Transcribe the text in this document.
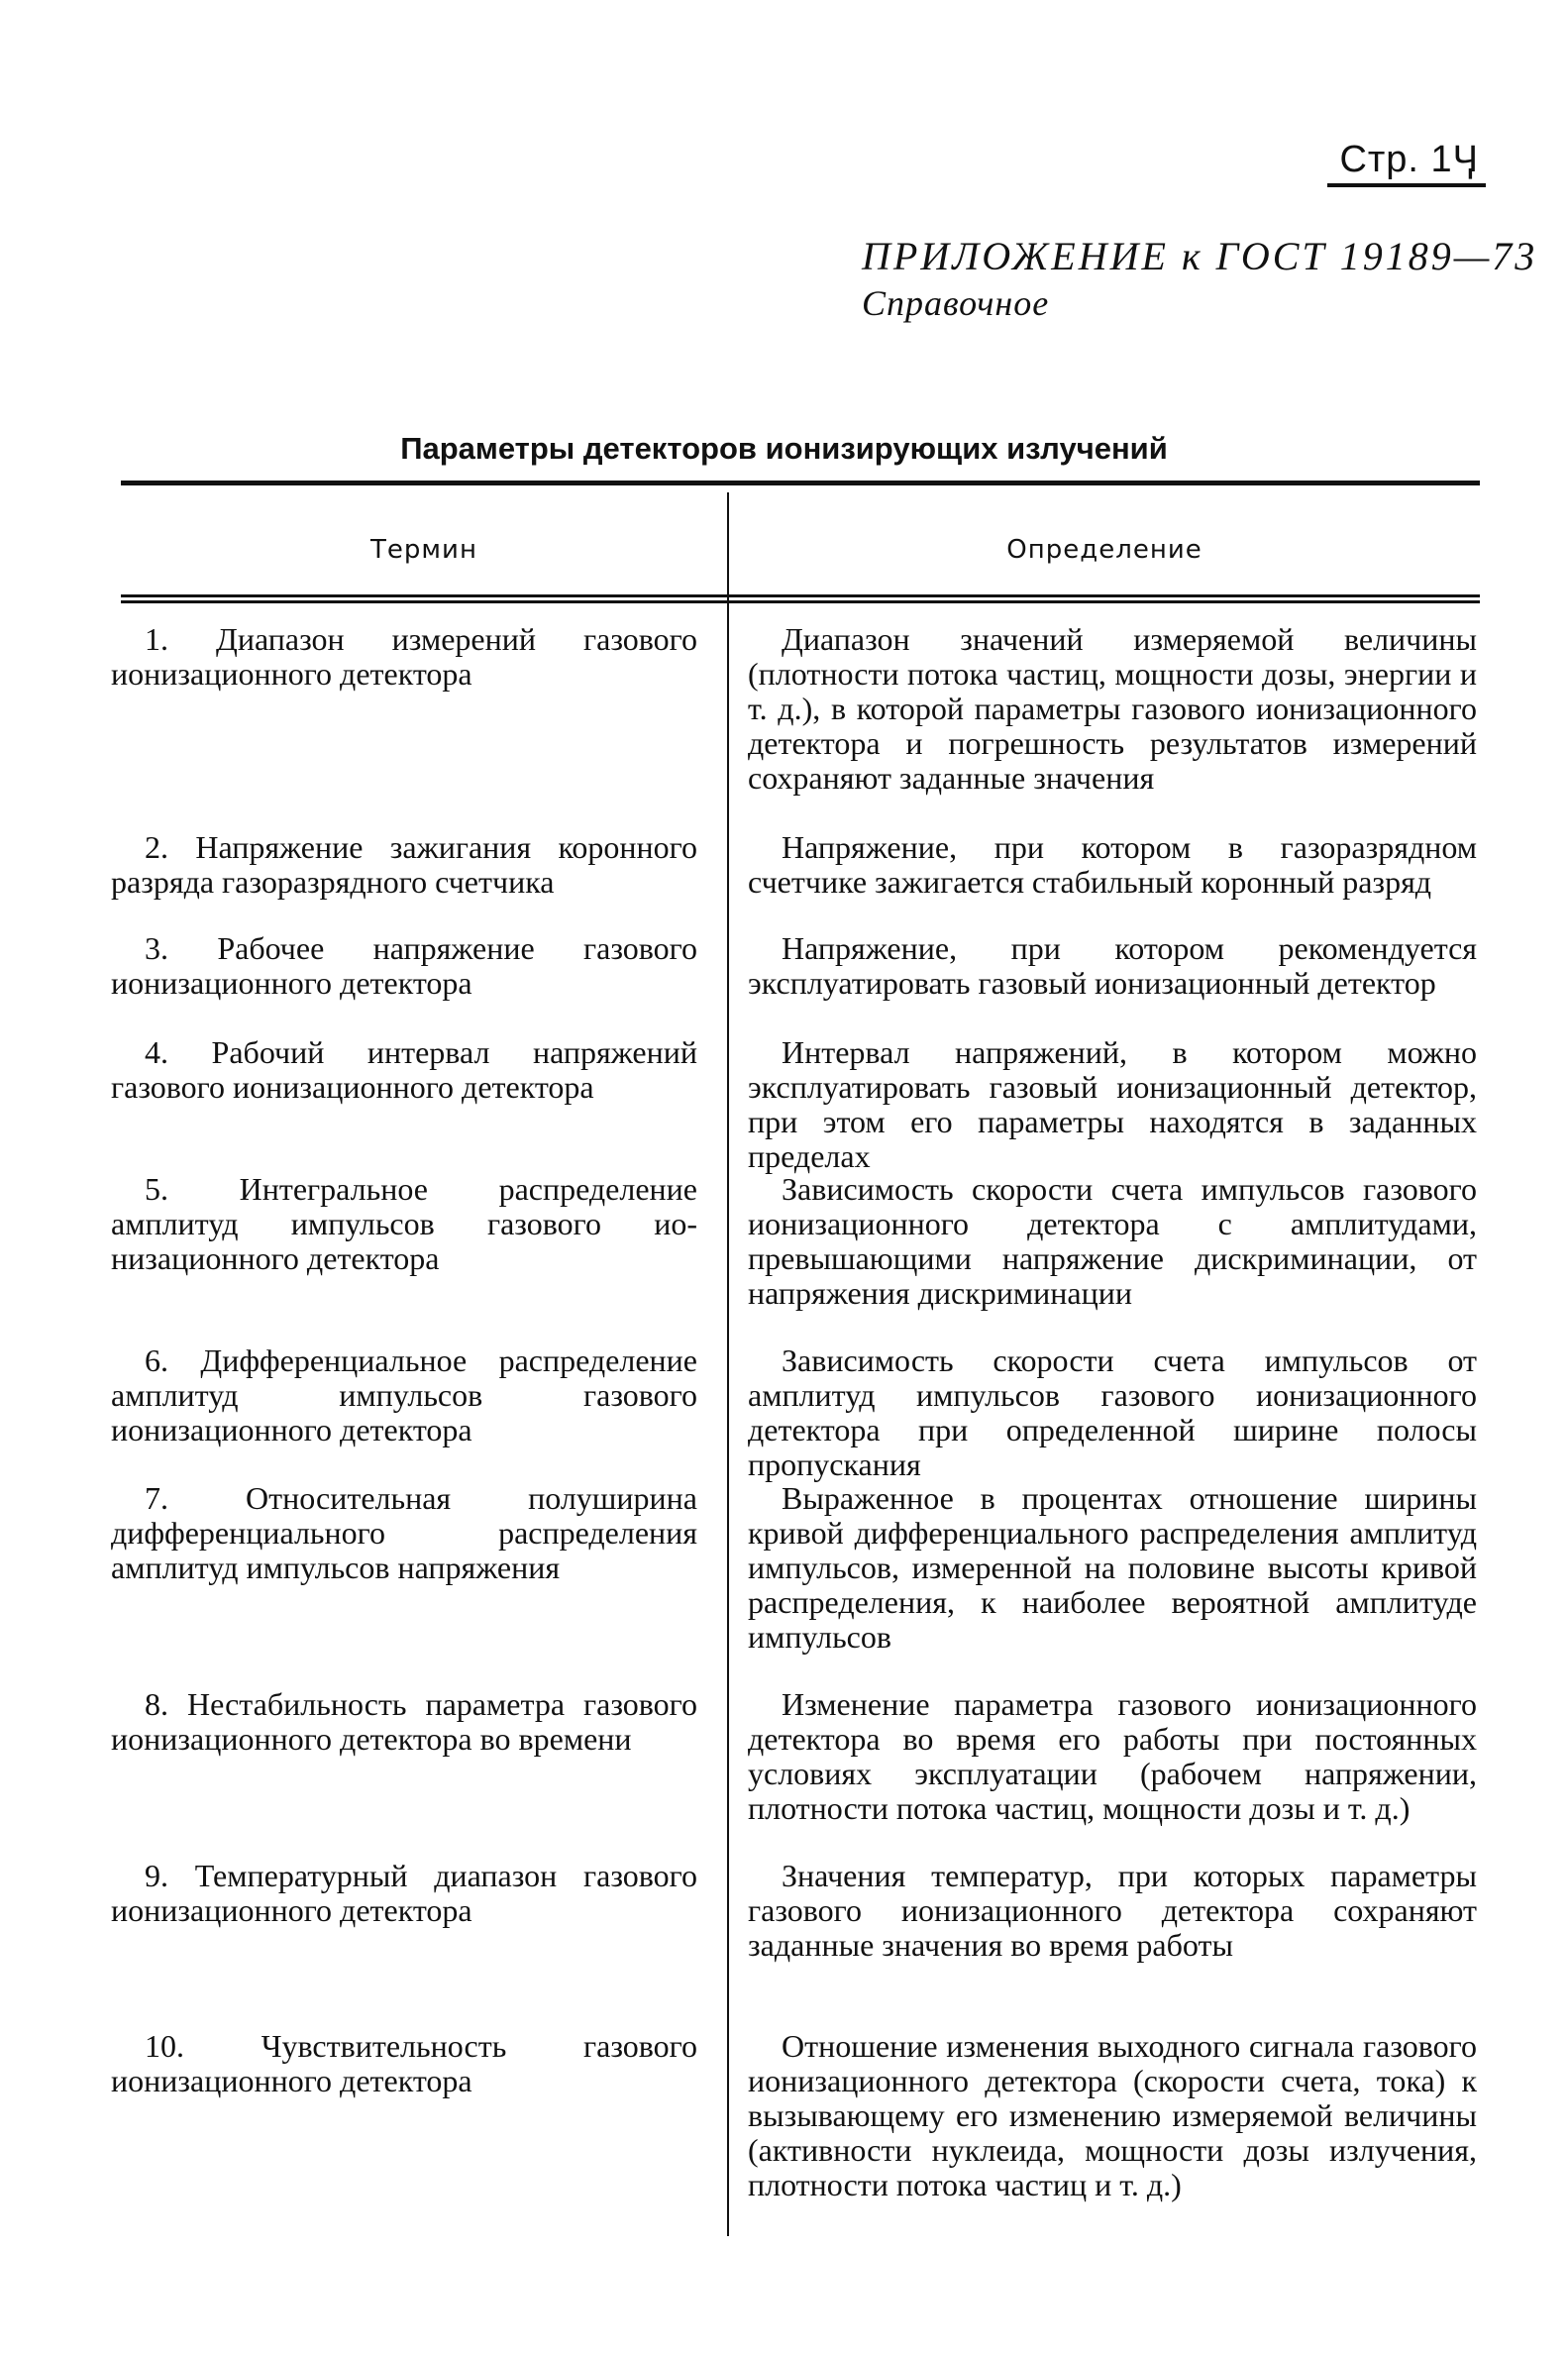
Стр. 1Ӌ
ПРИЛОЖЕНИЕ к ГОСТ 19189—73
Справочное
Параметры детекторов ионизирующих излучений
Термин	Определение
1. Диапазон измерений газового ионизационного детектора
Диапазон значений измеряемой величины (плотности потока частиц, мощности дозы, энергии и т. д.), в которой параметры газового ионизационного детектора и погрешность результатов измерений сохраняют заданные значения
2. Напряжение зажигания коронного разряда газоразрядного счетчика
Напряжение, при котором в газоразрядном счетчике зажигается стабильный коронный разряд
3. Рабочее напряжение газового ионизационного детектора
Напряжение, при котором рекомендуется эксплуатировать газовый ионизационный детектор
4. Рабочий интервал напряжений газового ионизационного детектора
Интервал напряжений, в котором можно эксплуатировать газовый ионизационный детектор, при этом его параметры находятся в заданных пределах
5. Интегральное распределение амплитуд импульсов газового ионизационного детектора
Зависимость скорости счета импульсов газового ионизационного детектора с амплитудами, превышающими напряжение дискриминации, от напряжения дискриминации
6. Дифференциальное распределение амплитуд импульсов газового ионизационного детектора
Зависимость скорости счета импульсов от амплитуд импульсов газового ионизационного детектора при определенной ширине полосы пропускания
7. Относительная полуширина дифференциального распределения амплитуд импульсов напряжения
Выраженное в процентах отношение ширины кривой дифференциального распределения амплитуд импульсов, измеренной на половине высоты кривой распределения, к наиболее вероятной амплитуде импульсов
8. Нестабильность параметра газового ионизационного детектора во времени
Изменение параметра газового ионизационного детектора во время его работы при постоянных условиях эксплуатации (рабочем напряжении, плотности потока частиц, мощности дозы и т. д.)
9. Температурный диапазон газового ионизационного детектора
Значения температур, при которых параметры газового ионизационного детектора сохраняют заданные значения во время работы
10. Чувствительность газового ионизационного детектора
Отношение изменения выходного сигнала газового ионизационного детектора (скорости счета, тока) к вызывающему его изменению измеряемой величины (активности нуклеида, мощности дозы излучения, плотности потока частиц и т. д.)
